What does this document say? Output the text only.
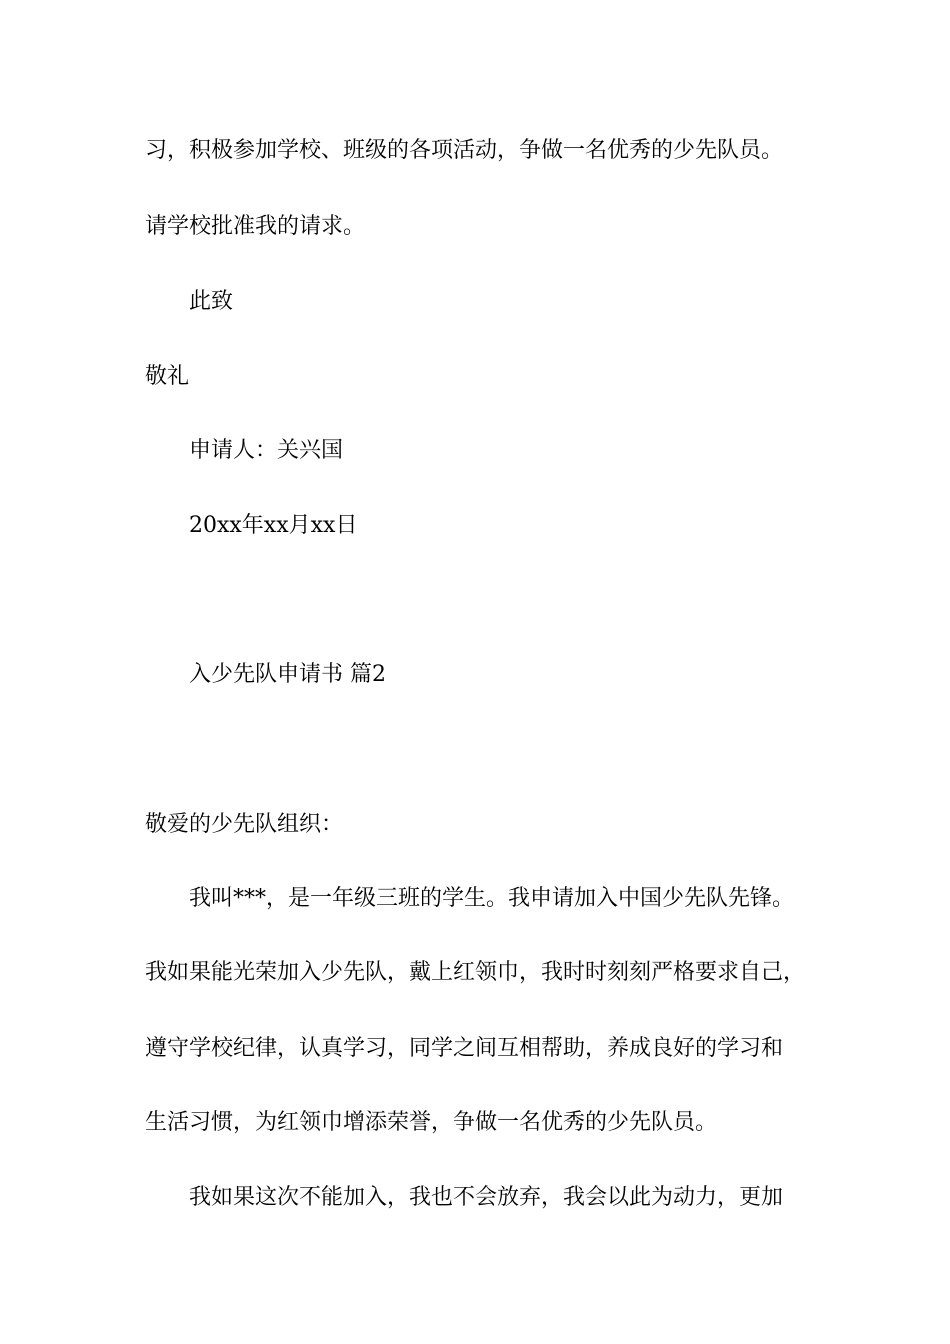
习，积极参加学校、班级的各项活动，争做一名优秀的少先队员。
请学校批准我的请求。
此致
敬礼
申请人：关兴国
20xx年xx月xx日
入少先队申请书 篇2
敬爱的少先队组织：
我叫***，是一年级三班的学生。我申请加入中国少先队先锋。
我如果能光荣加入少先队，戴上红领巾，我时时刻刻严格要求自己，
遵守学校纪律，认真学习，同学之间互相帮助，养成良好的学习和
生活习惯，为红领巾增添荣誉，争做一名优秀的少先队员。
我如果这次不能加入，我也不会放弃，我会以此为动力，更加
